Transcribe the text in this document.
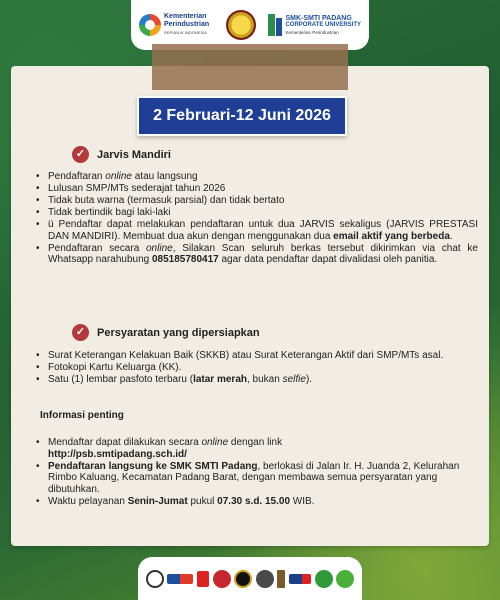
Kementerian Perindustrian
REPUBLIK INDONESIA
SMK-SMTI PADANG
CORPORATE UNIVERSITY
Kementerian Perindustrian
2 Februari-12 Juni 2026
✓	Jarvis Mandiri
• Pendaftaran online atau langsung
• Lulusan SMP/MTs sederajat tahun 2026
• Tidak buta warna (termasuk parsial) dan tidak bertato
• Tidak bertindik bagi laki-laki
• ü Pendaftar dapat melakukan pendaftaran untuk dua JARVIS sekaligus (JARVIS PRESTASI DAN MANDIRI). Membuat dua akun dengan menggunakan dua email aktif yang berbeda.
• Pendaftaran secara online, Silakan Scan seluruh berkas tersebut dikirimkan via chat ke Whatsapp narahubung 085185780417 agar data pendaftar dapat divalidasi oleh panitia.
✓	Persyaratan yang dipersiapkan
• Surat Keterangan Kelakuan Baik (SKKB) atau Surat Keterangan Aktif dari SMP/MTs asal.
• Fotokopi Kartu Keluarga (KK).
• Satu (1) lembar pasfoto terbaru (latar merah, bukan selfie).
Informasi penting
• Mendaftar dapat dilakukan secara online dengan link
http://psb.smtipadang.sch.id/
• Pendaftaran langsung ke SMK SMTI Padang, berlokasi di Jalan Ir. H. Juanda 2, Kelurahan Rimbo Kaluang, Kecamatan Padang Barat, dengan membawa semua persyaratan yang dibutuhkan.
• Waktu pelayanan Senin-Jumat pukul 07.30 s.d. 15.00 WIB.
